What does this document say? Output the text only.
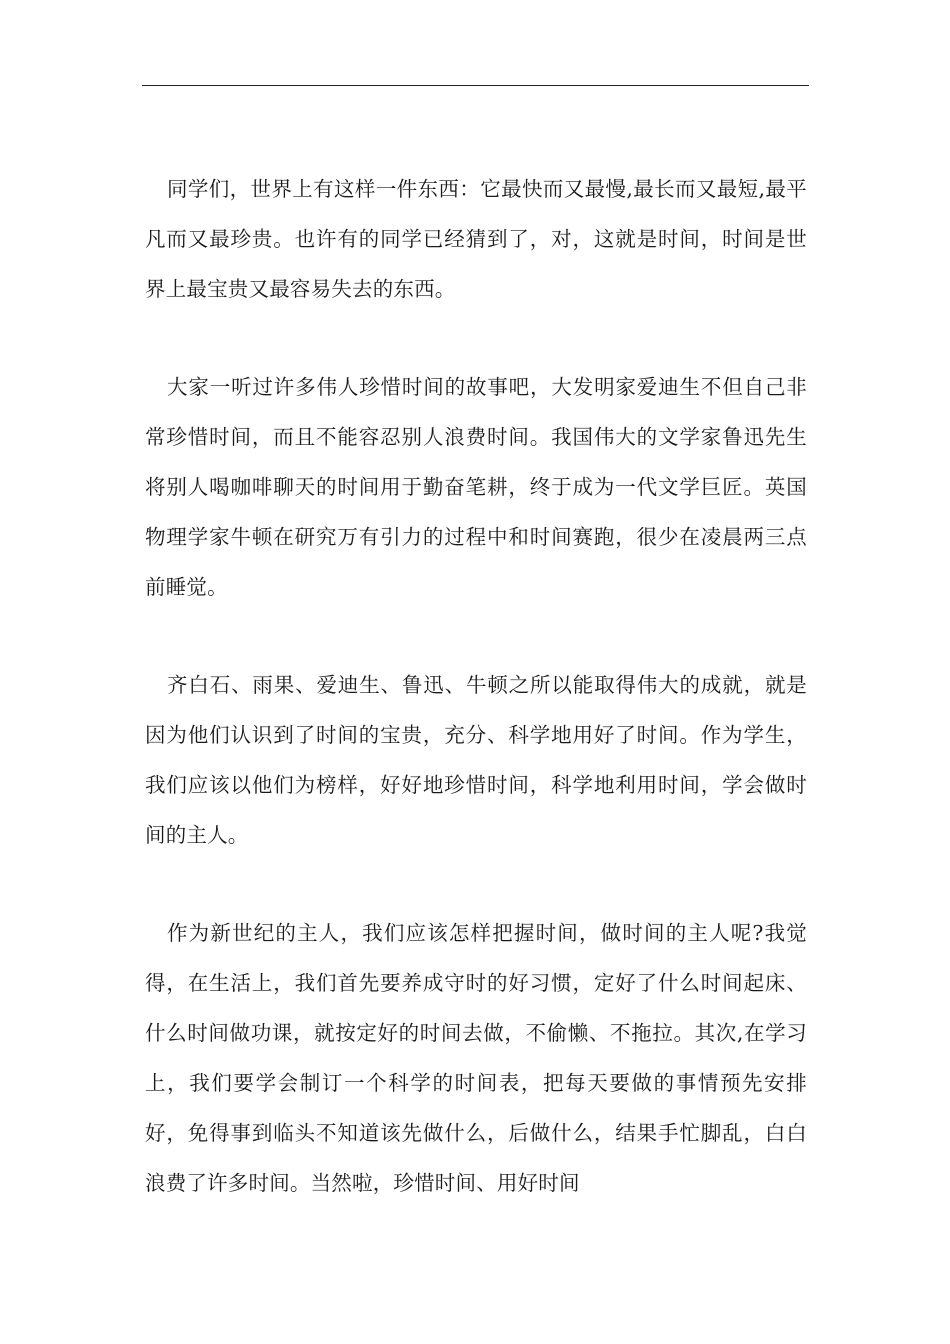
同学们，世界上有这样一件东西：它最快而又最慢,最长而又最短,最平凡而又最珍贵。也许有的同学已经猜到了，对，这就是时间，时间是世界上最宝贵又最容易失去的东西。

大家一听过许多伟人珍惜时间的故事吧，大发明家爱迪生不但自己非常珍惜时间，而且不能容忍别人浪费时间。我国伟大的文学家鲁迅先生将别人喝咖啡聊天的时间用于勤奋笔耕，终于成为一代文学巨匠。英国物理学家牛顿在研究万有引力的过程中和时间赛跑，很少在凌晨两三点前睡觉。

齐白石、雨果、爱迪生、鲁迅、牛顿之所以能取得伟大的成就，就是因为他们认识到了时间的宝贵，充分、科学地用好了时间。作为学生，我们应该以他们为榜样，好好地珍惜时间，科学地利用时间，学会做时间的主人。

作为新世纪的主人，我们应该怎样把握时间，做时间的主人呢?我觉得，在生活上，我们首先要养成守时的好习惯，定好了什么时间起床、什么时间做功课，就按定好的时间去做，不偷懒、不拖拉。其次,在学习上，我们要学会制订一个科学的时间表，把每天要做的事情预先安排好，免得事到临头不知道该先做什么，后做什么，结果手忙脚乱，白白浪费了许多时间。当然啦，珍惜时间、用好时间
